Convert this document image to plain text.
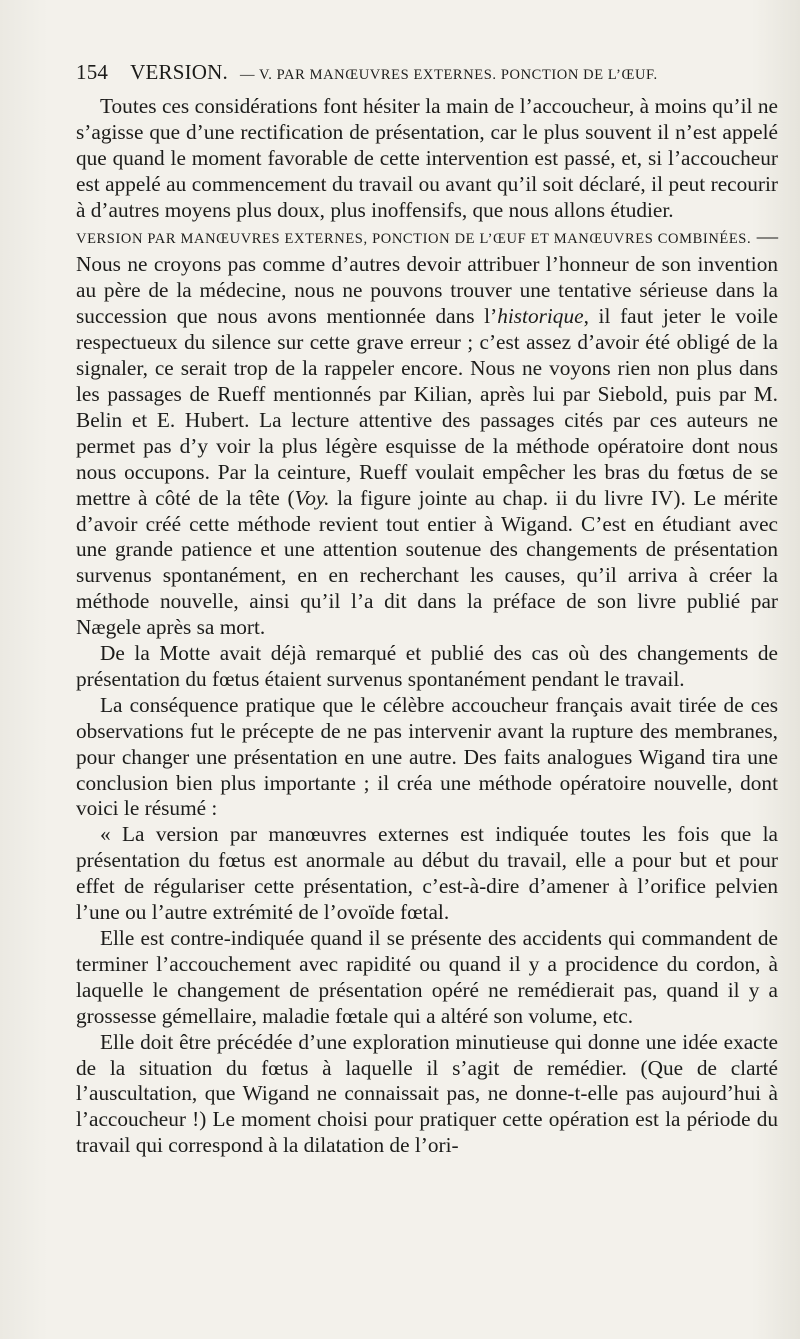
154 VERSION. — V. PAR MANŒUVRES EXTERNES. PONCTION DE L’ŒUF.

Toutes ces considérations font hésiter la main de l’accoucheur, à moins qu’il ne s’agisse que d’une rectification de présentation, car le plus souvent il n’est appelé que quand le moment favorable de cette intervention est passé, et, si l’accoucheur est appelé au commencement du travail ou avant qu’il soit déclaré, il peut recourir à d’autres moyens plus doux, plus inoffensifs, que nous allons étudier.

VERSION PAR MANŒUVRES EXTERNES, PONCTION DE L’ŒUF ET MANŒUVRES COMBINÉES. — Nous ne croyons pas comme d’autres devoir attribuer l’honneur de son invention au père de la médecine, nous ne pouvons trouver une tentative sérieuse dans la succession que nous avons mentionnée dans l’historique, il faut jeter le voile respectueux du silence sur cette grave erreur ; c’est assez d’avoir été obligé de la signaler, ce serait trop de la rappeler encore. Nous ne voyons rien non plus dans les passages de Rueff mentionnés par Kilian, après lui par Siebold, puis par M. Belin et E. Hubert. La lecture attentive des passages cités par ces auteurs ne permet pas d’y voir la plus légère esquisse de la méthode opératoire dont nous nous occupons. Par la ceinture, Rueff voulait empêcher les bras du fœtus de se mettre à côté de la tête (Voy. la figure jointe au chap. ii du livre IV). Le mérite d’avoir créé cette méthode revient tout entier à Wigand. C’est en étudiant avec une grande patience et une attention soutenue des changements de présentation survenus spontanément, en en recherchant les causes, qu’il arriva à créer la méthode nouvelle, ainsi qu’il l’a dit dans la préface de son livre publié par Nægele après sa mort.

De la Motte avait déjà remarqué et publié des cas où des changements de présentation du fœtus étaient survenus spontanément pendant le travail.

La conséquence pratique que le célèbre accoucheur français avait tirée de ces observations fut le précepte de ne pas intervenir avant la rupture des membranes, pour changer une présentation en une autre. Des faits analogues Wigand tira une conclusion bien plus importante ; il créa une méthode opératoire nouvelle, dont voici le résumé :

« La version par manœuvres externes est indiquée toutes les fois que la présentation du fœtus est anormale au début du travail, elle a pour but et pour effet de régulariser cette présentation, c’est-à-dire d’amener à l’orifice pelvien l’une ou l’autre extrémité de l’ovoïde fœtal.

Elle est contre-indiquée quand il se présente des accidents qui commandent de terminer l’accouchement avec rapidité ou quand il y a procidence du cordon, à laquelle le changement de présentation opéré ne remédierait pas, quand il y a grossesse gémellaire, maladie fœtale qui a altéré son volume, etc.

Elle doit être précédée d’une exploration minutieuse qui donne une idée exacte de la situation du fœtus à laquelle il s’agit de remédier. (Que de clarté l’auscultation, que Wigand ne connaissait pas, ne donne-t-elle pas aujourd’hui à l’accoucheur !) Le moment choisi pour pratiquer cette opération est la période du travail qui correspond à la dilatation de l’ori-
